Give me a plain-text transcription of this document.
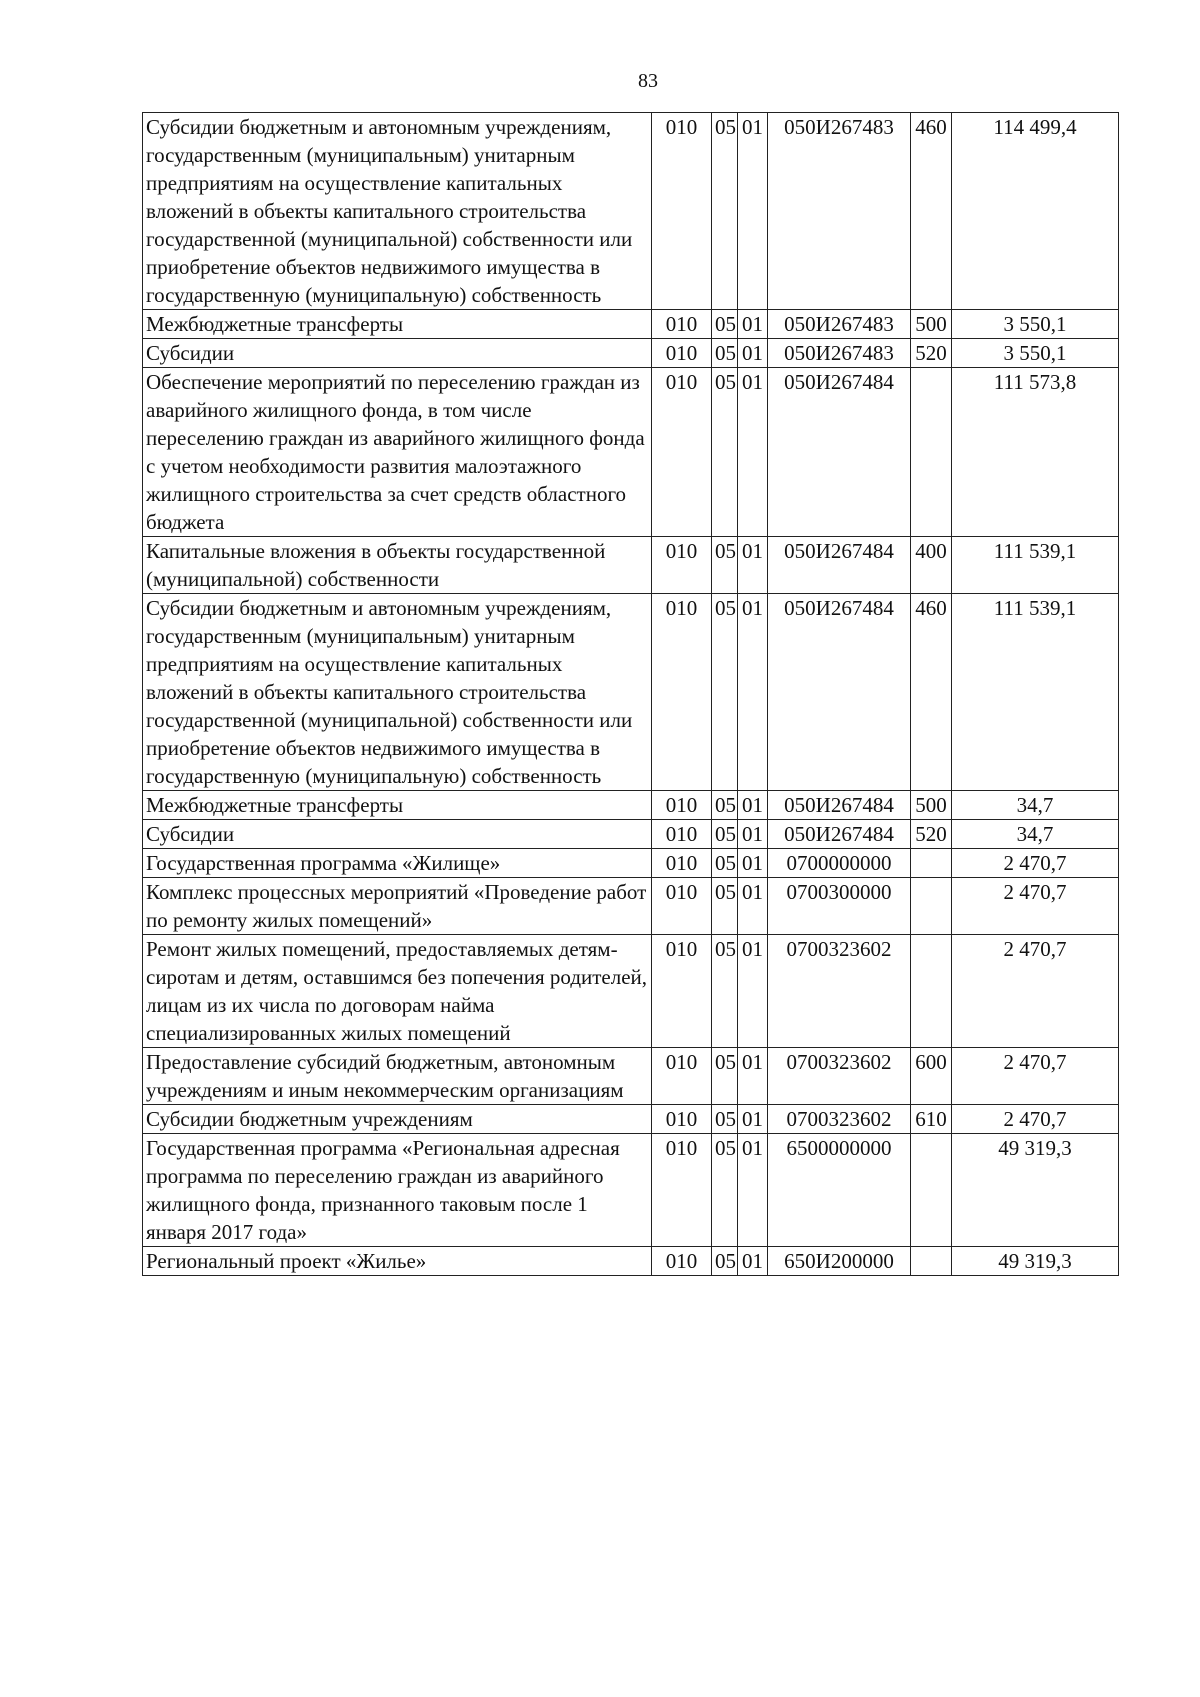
83
Субсидии бюджетным и автономным учреждениям, государственным (муниципальным) унитарным предприятиям на осуществление капитальных вложений в объекты капитального строительства государственной (муниципальной) собственности или приобретение объектов недвижимого имущества в государственную (муниципальную) собственность	010	05	01	050И267483	460	114 499,4
Межбюджетные трансферты	010	05	01	050И267483	500	3 550,1
Субсидии	010	05	01	050И267483	520	3 550,1
Обеспечение мероприятий по переселению граждан из аварийного жилищного фонда, в том числе переселению граждан из аварийного жилищного фонда с учетом необходимости развития малоэтажного жилищного строительства за счет средств областного бюджета	010	05	01	050И267484		111 573,8
Капитальные вложения в объекты государственной (муниципальной) собственности	010	05	01	050И267484	400	111 539,1
Субсидии бюджетным и автономным учреждениям, государственным (муниципальным) унитарным предприятиям на осуществление капитальных вложений в объекты капитального строительства государственной (муниципальной) собственности или приобретение объектов недвижимого имущества в государственную (муниципальную) собственность	010	05	01	050И267484	460	111 539,1
Межбюджетные трансферты	010	05	01	050И267484	500	34,7
Субсидии	010	05	01	050И267484	520	34,7
Государственная программа «Жилище»	010	05	01	0700000000		2 470,7
Комплекс процессных мероприятий «Проведение работ по ремонту жилых помещений»	010	05	01	0700300000		2 470,7
Ремонт жилых помещений, предоставляемых детям-сиротам и детям, оставшимся без попечения родителей, лицам из их числа по договорам найма специализированных жилых помещений	010	05	01	0700323602		2 470,7
Предоставление субсидий бюджетным, автономным учреждениям и иным некоммерческим организациям	010	05	01	0700323602	600	2 470,7
Субсидии бюджетным учреждениям	010	05	01	0700323602	610	2 470,7
Государственная программа «Региональная адресная программа по переселению граждан из аварийного жилищного фонда, признанного таковым после 1 января 2017 года»	010	05	01	6500000000		49 319,3
Региональный проект «Жилье»	010	05	01	650И200000		49 319,3
